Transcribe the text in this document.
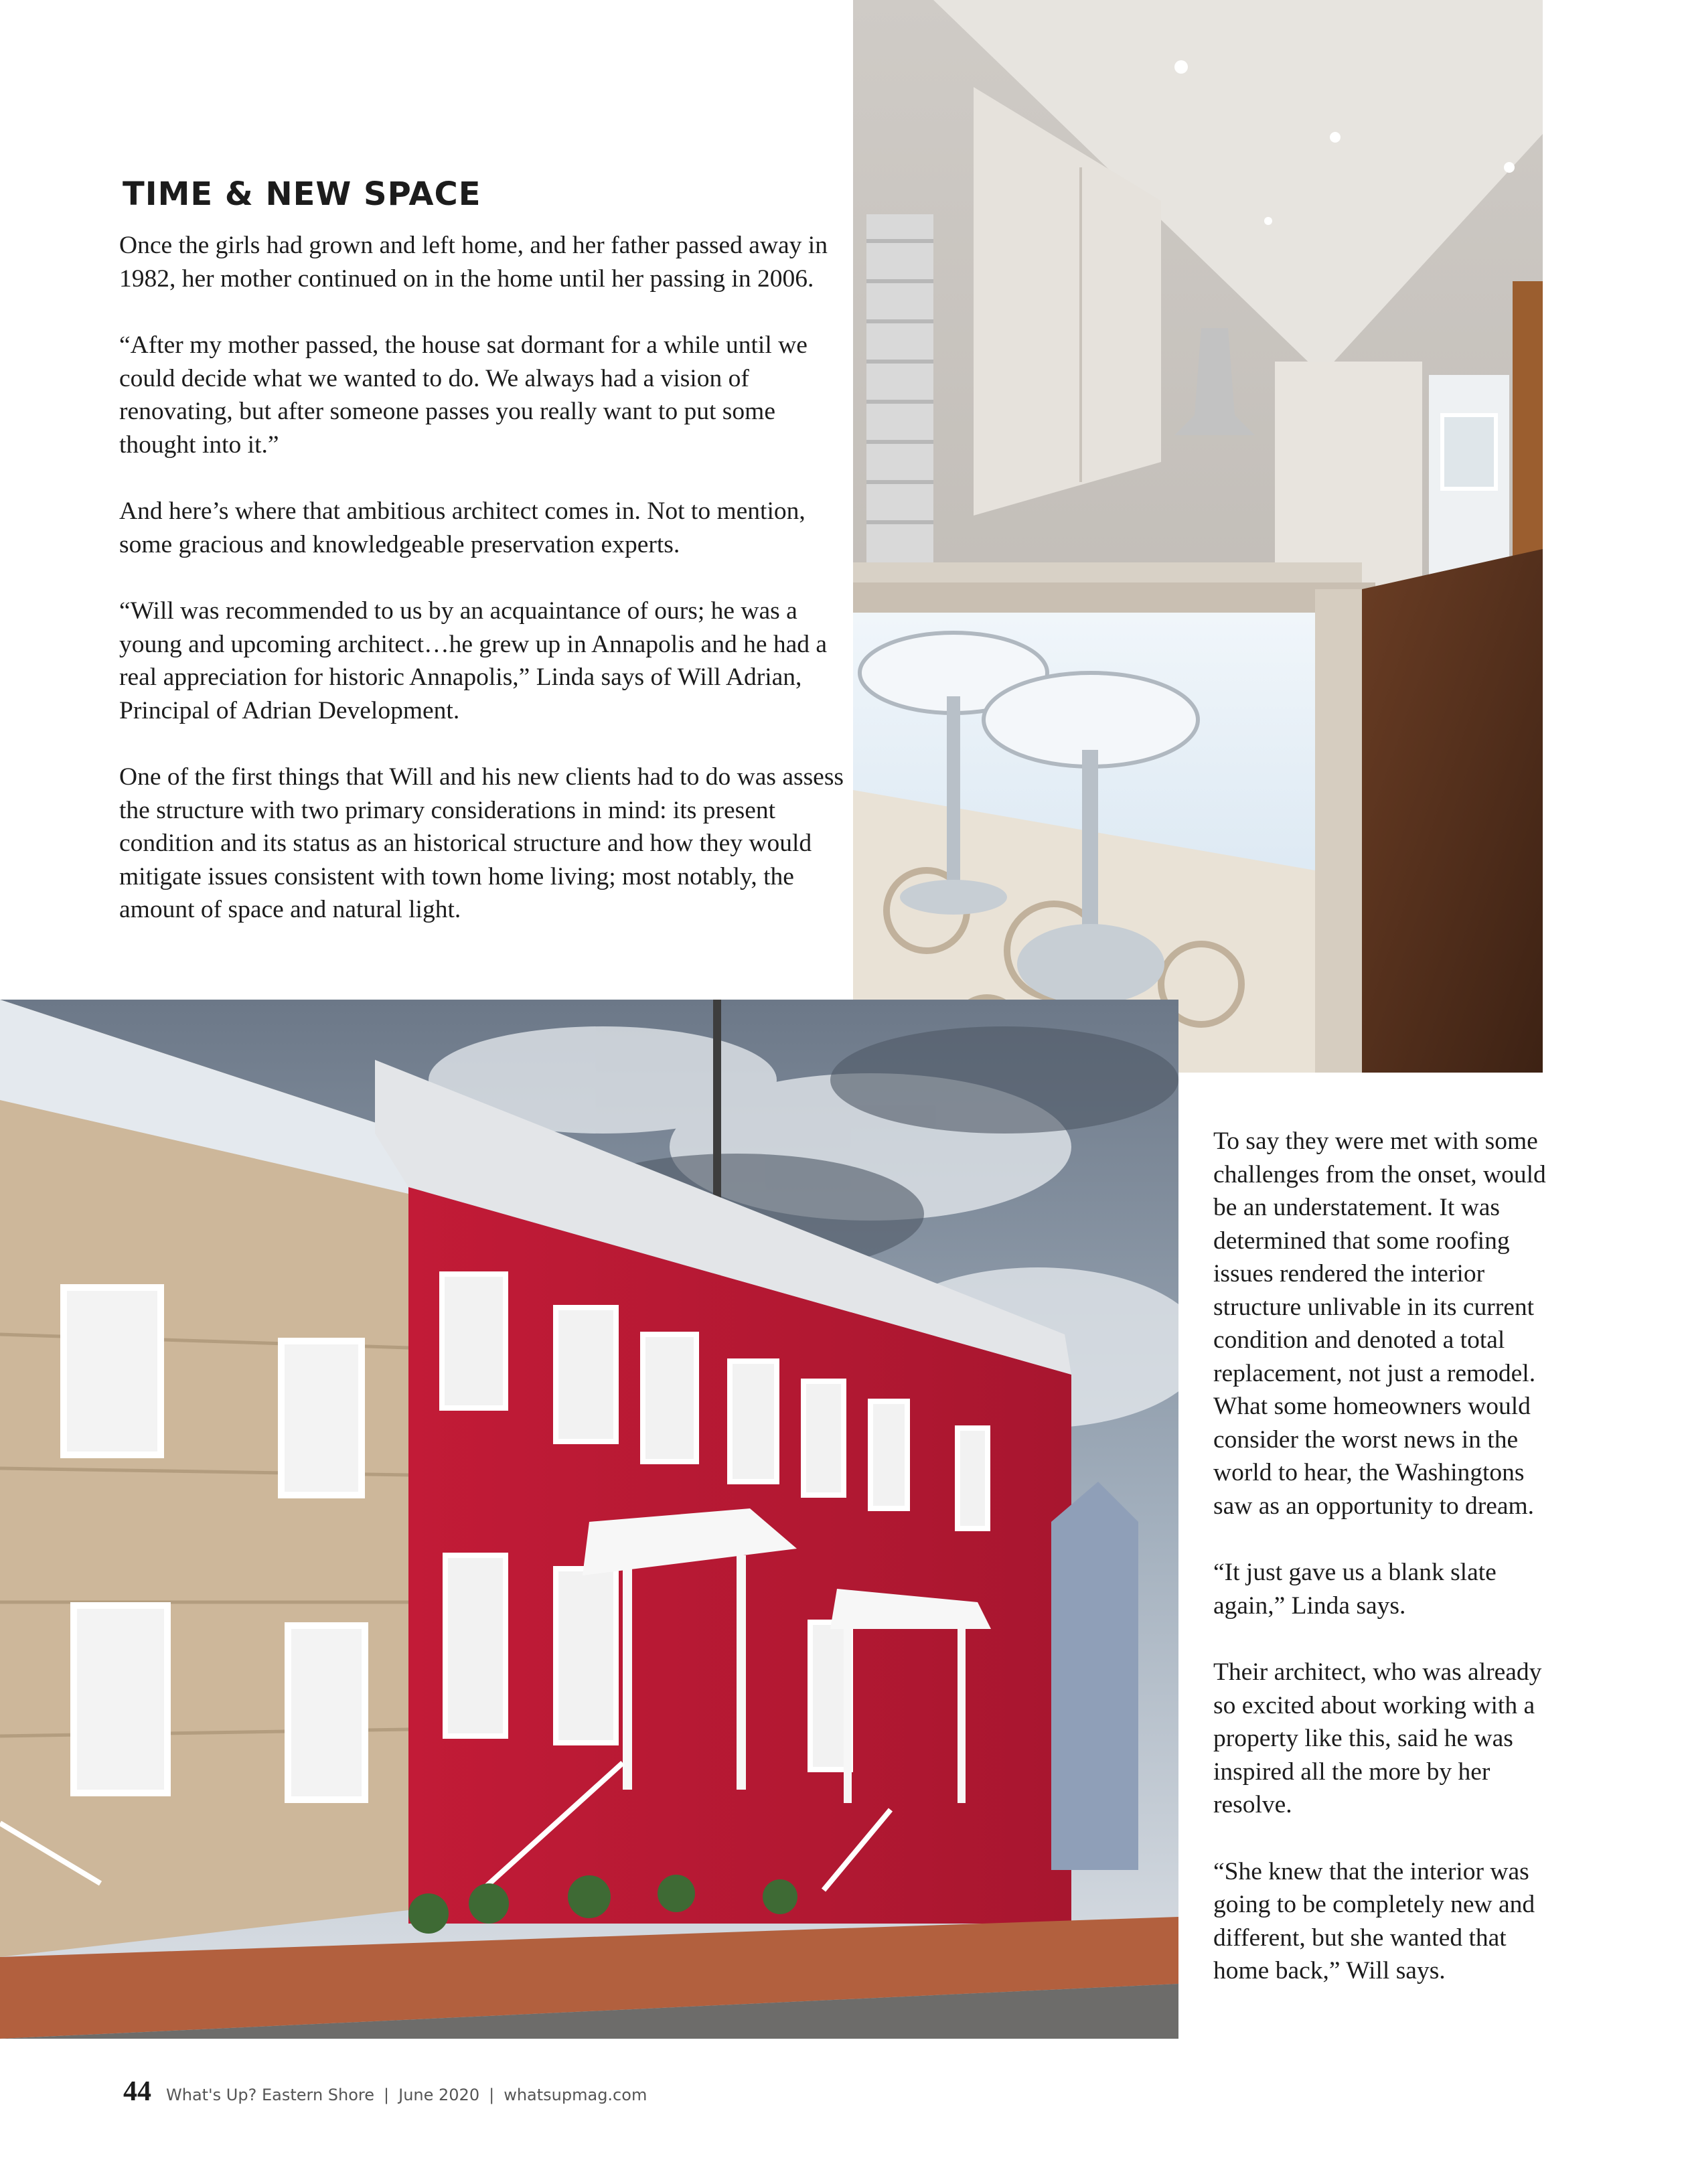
TIME & NEW SPACE

Once the girls had grown and left home, and her father passed away in 1982, her mother continued on in the home until her passing in 2006.

“After my mother passed, the house sat dormant for a while until we could decide what we wanted to do. We always had a vision of renovating, but after someone passes you really want to put some thought into it.”

And here’s where that ambitious architect comes in. Not to mention, some gracious and knowledgeable preservation experts.

“Will was recommended to us by an acquaintance of ours; he was a young and upcoming architect…he grew up in Annapolis and he had a real appreciation for historic Annapolis,” Linda says of Will Adrian, Principal of Adrian Development.

One of the first things that Will and his new clients had to do was assess the structure with two primary considerations in mind: its present condition and its status as an historical structure and how they would mitigate issues consistent with town home living; most notably, the amount of space and natural light.

To say they were met with some challenges from the onset, would be an understatement. It was determined that some roofing issues rendered the interior structure unlivable in its current condition and denoted a total replacement, not just a remodel. What some homeowners would consider the worst news in the world to hear, the Washingtons saw as an opportunity to dream.

“It just gave us a blank slate again,” Linda says.

Their architect, who was already so excited about working with a property like this, said he was inspired all the more by her resolve.

“She knew that the interior was going to be completely new and different, but she wanted that home back,” Will says.

44 What's Up? Eastern Shore | June 2020 | whatsupmag.com
